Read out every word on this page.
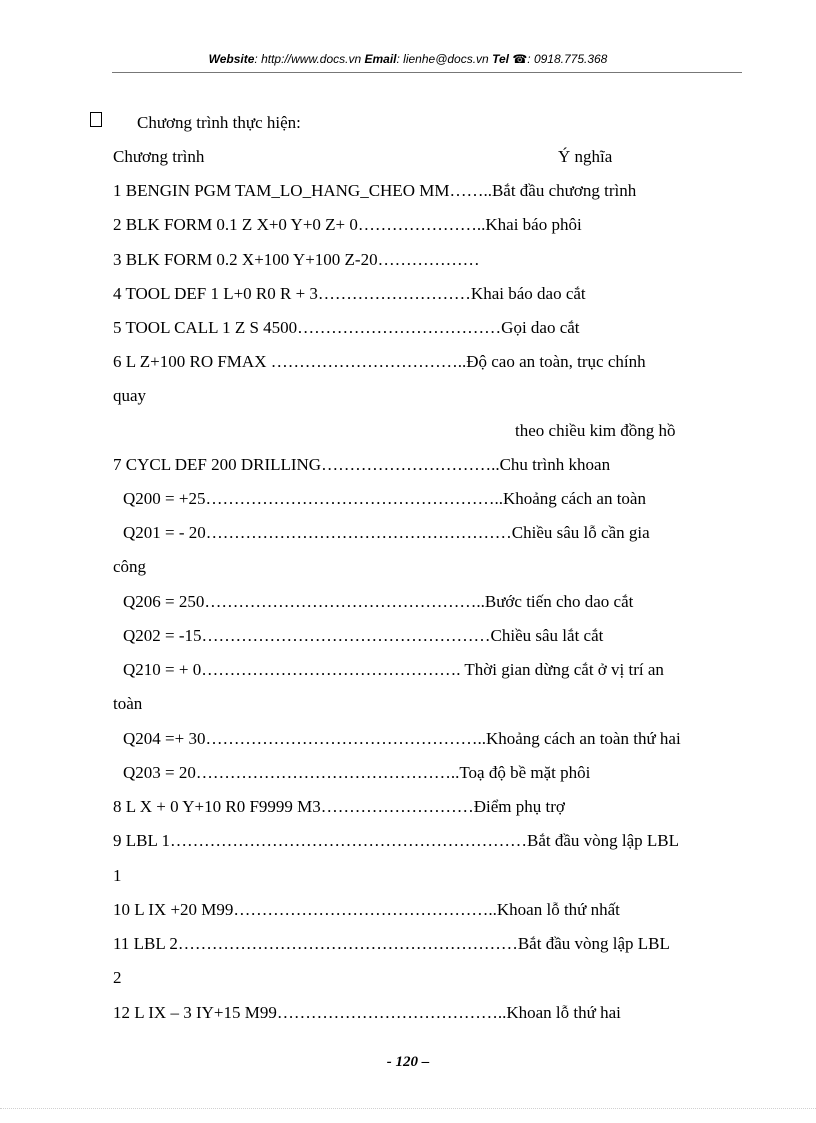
Website: http://www.docs.vn Email: lienhe@docs.vn Tel ☎: 0918.775.368
Chương trình thực hiện:
Chương trình	Ý nghĩa
1 BENGIN PGM TAM_LO_HANG_CHEO MM……..Bắt đầu chương trình
2 BLK FORM 0.1 Z X+0 Y+0 Z+ 0…………………..Khai báo phôi
3 BLK FORM 0.2 X+100 Y+100 Z-20………………
4 TOOL DEF 1 L+0 R0 R + 3………………………Khai báo dao cắt
5 TOOL CALL 1 Z S 4500………………………………Gọi dao cắt
6 L Z+100 RO FMAX ……………………………..Độ cao an toàn, trục chính
quay
theo chiều kim đồng hồ
7 CYCL DEF 200 DRILLING…………………………..Chu trình khoan
Q200 = +25……………………………………………..Khoảng cách an toàn
Q201 = - 20………………………………………………Chiều sâu lỗ cần gia
công
Q206 = 250…………………………………………..Bước tiến cho dao cắt
Q202 = -15……………………………………………Chiều sâu lắt cắt
Q210 = + 0………………………………………. Thời gian dừng cắt ở vị trí an
toàn
Q204 =+ 30…………………………………………..Khoảng cách an toàn thứ hai
Q203 = 20………………………………………..Toạ độ bề mặt phôi
8 L X + 0 Y+10 R0 F9999 M3………………………Điểm phụ trợ
9 LBL 1………………………………………………………Bắt đầu vòng lập LBL
1
10 L IX +20 M99………………………………………..Khoan lỗ thứ nhất
11 LBL 2……………………………………………………Bắt đầu vòng lập LBL
2
12 L IX – 3 IY+15 M99…………………………………..Khoan lỗ thứ hai
- 120 –
